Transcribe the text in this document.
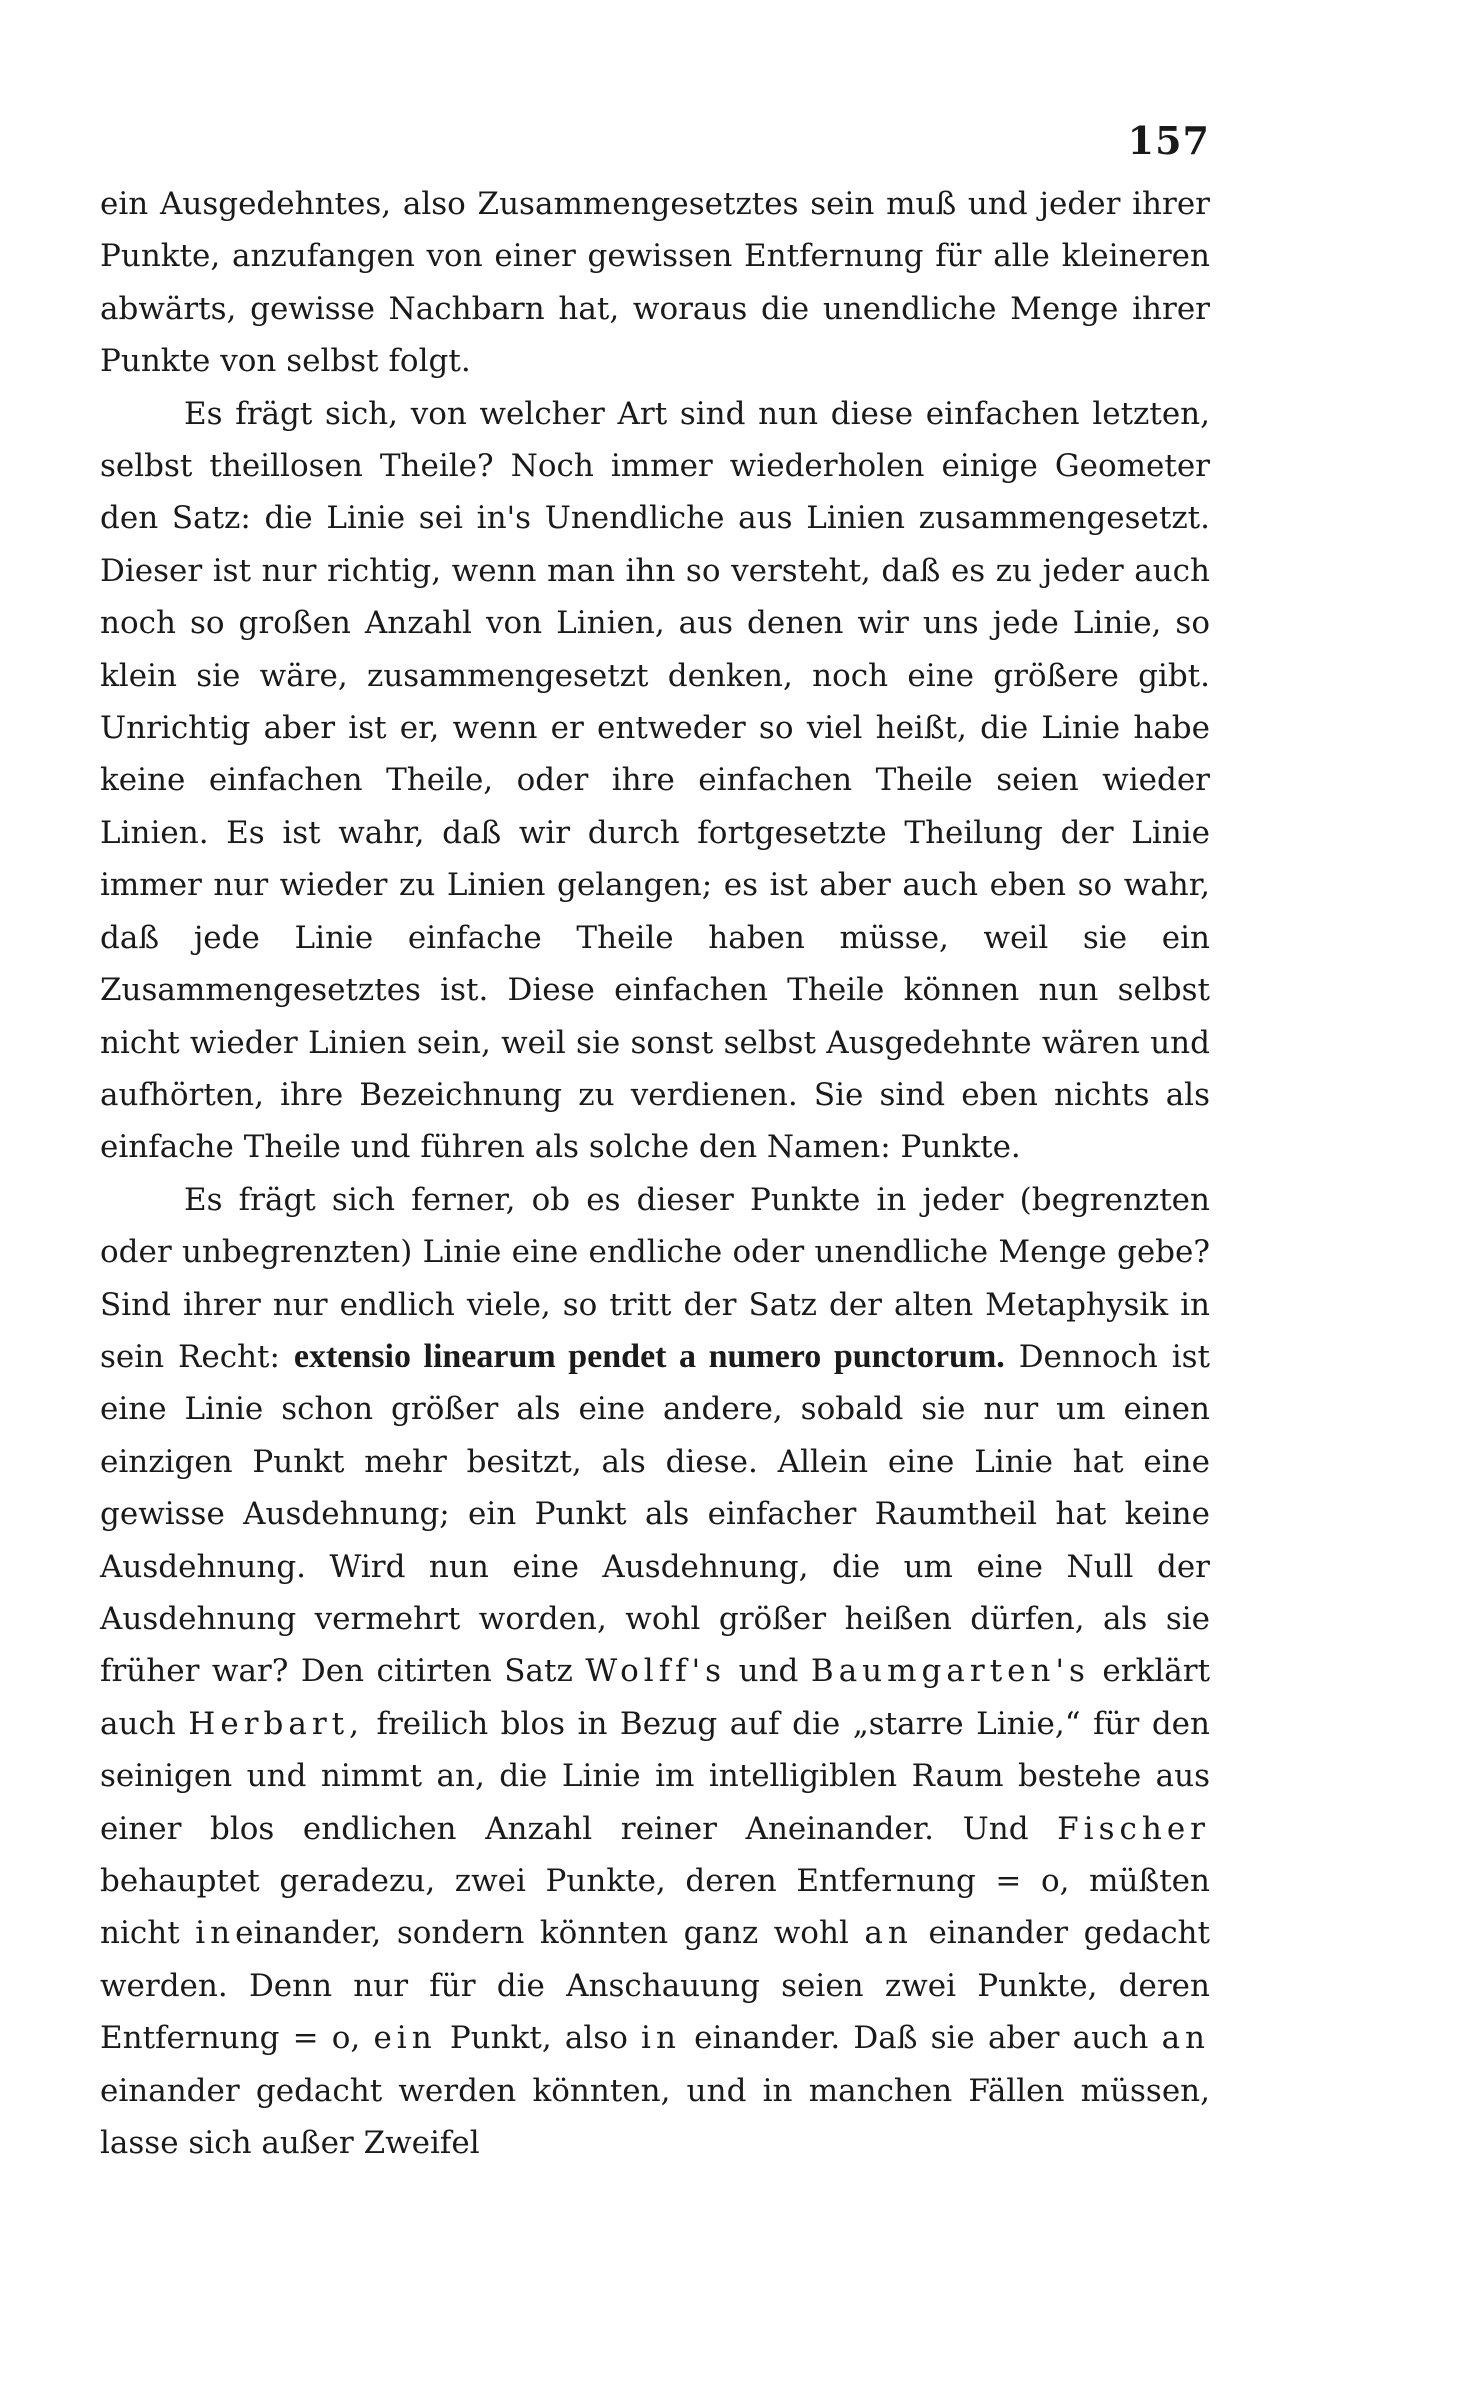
157

ein Ausgedehntes, also Zusammengesetztes sein muß und jeder ihrer Punkte, anzufangen von einer gewissen Entfernung für alle kleineren abwärts, gewisse Nachbarn hat, woraus die unendliche Menge ihrer Punkte von selbst folgt.

Es frägt sich, von welcher Art sind nun diese einfachen letzten, selbst theillosen Theile? Noch immer wiederholen einige Geometer den Satz: die Linie sei in's Unendliche aus Linien zusammengesetzt. Dieser ist nur richtig, wenn man ihn so versteht, daß es zu jeder auch noch so großen Anzahl von Linien, aus denen wir uns jede Linie, so klein sie wäre, zusammengesetzt denken, noch eine größere gibt. Unrichtig aber ist er, wenn er entweder so viel heißt, die Linie habe keine einfachen Theile, oder ihre einfachen Theile seien wieder Linien. Es ist wahr, daß wir durch fortgesetzte Theilung der Linie immer nur wieder zu Linien gelangen; es ist aber auch eben so wahr, daß jede Linie einfache Theile haben müsse, weil sie ein Zusammengesetztes ist. Diese einfachen Theile können nun selbst nicht wieder Linien sein, weil sie sonst selbst Ausgedehnte wären und aufhörten, ihre Bezeichnung zu verdienen. Sie sind eben nichts als einfache Theile und führen als solche den Namen: Punkte.

Es frägt sich ferner, ob es dieser Punkte in jeder (begrenzten oder unbegrenzten) Linie eine endliche oder unendliche Menge gebe? Sind ihrer nur endlich viele, so tritt der Satz der alten Metaphysik in sein Recht: extensio linearum pendet a numero punctorum. Dennoch ist eine Linie schon größer als eine andere, sobald sie nur um einen einzigen Punkt mehr besitzt, als diese. Allein eine Linie hat eine gewisse Ausdehnung; ein Punkt als einfacher Raumtheil hat keine Ausdehnung. Wird nun eine Ausdehnung, die um eine Null der Ausdehnung vermehrt worden, wohl größer heißen dürfen, als sie früher war? Den citirten Satz Wolff's und Baumgarten's erklärt auch Herbart, freilich blos in Bezug auf die „starre Linie,“ für den seinigen und nimmt an, die Linie im intelligiblen Raum bestehe aus einer blos endlichen Anzahl reiner Aneinander. Und Fischer behauptet geradezu, zwei Punkte, deren Entfernung = o, müßten nicht ineinander, sondern könnten ganz wohl an einander gedacht werden. Denn nur für die Anschauung seien zwei Punkte, deren Entfernung = o, ein Punkt, also in einander. Daß sie aber auch an einander gedacht werden könnten, und in manchen Fällen müssen, lasse sich außer Zweifel
